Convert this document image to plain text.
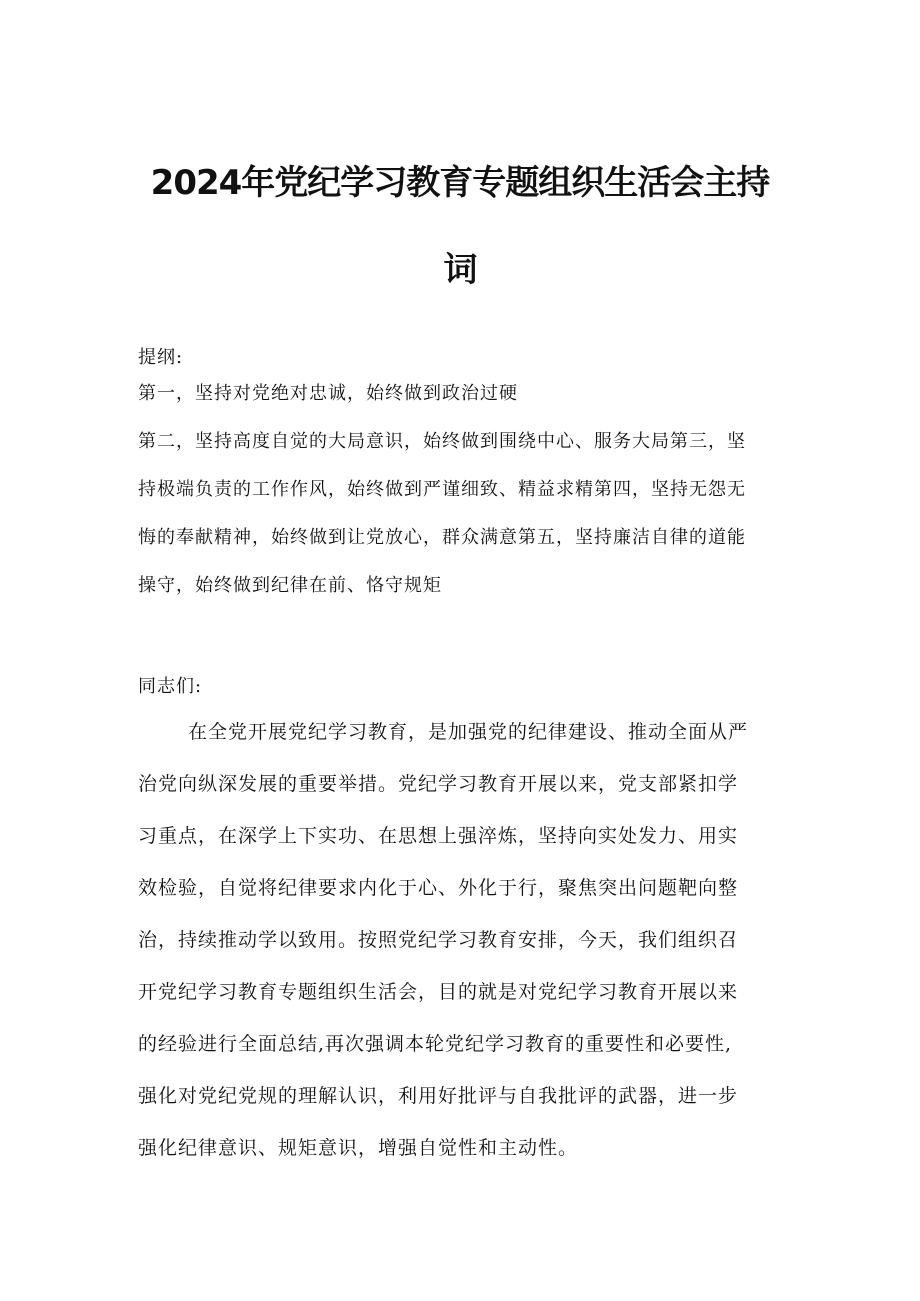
2024年党纪学习教育专题组织生活会主持
词

提纲:

第一，坚持对党绝对忠诚，始终做到政治过硬

第二，坚持高度自觉的大局意识，始终做到围绕中心、服务大局第三，坚

持极端负责的工作作风，始终做到严谨细致、精益求精第四，坚持无怨无

悔的奉献精神，始终做到让党放心，群众满意第五，坚持廉洁自律的道能

操守，始终做到纪律在前、恪守规矩

同志们:

在全党开展党纪学习教育，是加强党的纪律建设、推动全面从严

治党向纵深发展的重要举措。党纪学习教育开展以来，党支部紧扣学

习重点，在深学上下实功、在思想上强淬炼，坚持向实处发力、用实

效检验，自觉将纪律要求内化于心、外化于行，聚焦突出问题靶向整

治，持续推动学以致用。按照党纪学习教育安排，今天，我们组织召

开党纪学习教育专题组织生活会，目的就是对党纪学习教育开展以来

的经验进行全面总结,再次强调本轮党纪学习教育的重要性和必要性,

强化对党纪党规的理解认识，利用好批评与自我批评的武器，进一步

强化纪律意识、规矩意识，增强自觉性和主动性。
